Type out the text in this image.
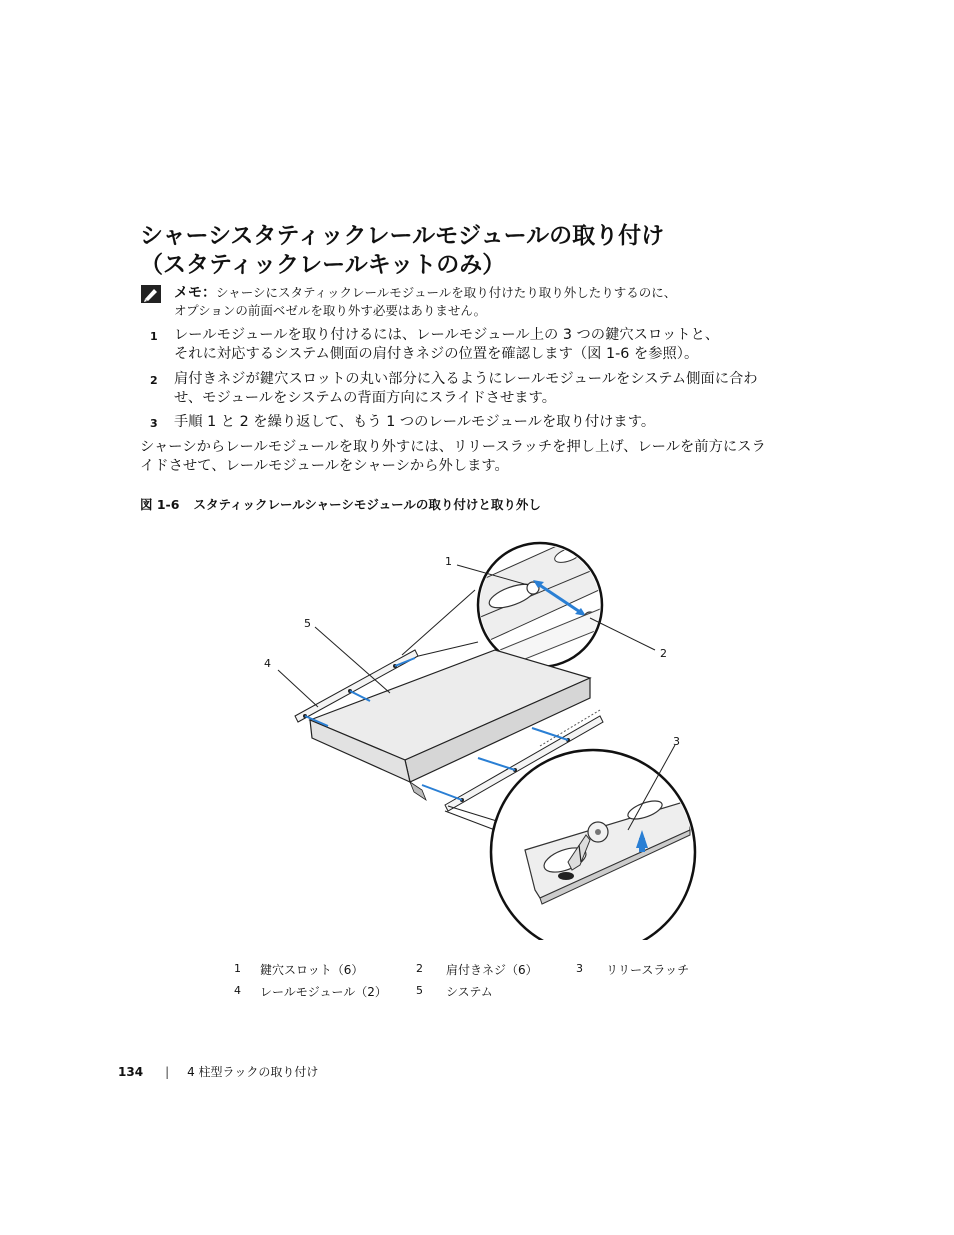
シャーシスタティックレールモジュールの取り付け
（スタティックレールキットのみ）
メモ：シャーシにスタティックレールモジュールを取り付けたり取り外したりするのに、
オプションの前面ベゼルを取り外す必要はありません。
1 レールモジュールを取り付けるには、レールモジュール上の 3 つの鍵穴スロットと、
それに対応するシステム側面の肩付きネジの位置を確認します（図 1-6 を参照）。
2 肩付きネジが鍵穴スロットの丸い部分に入るようにレールモジュールをシステム側面に合わ
せ、モジュールをシステムの背面方向にスライドさせます。
3 手順 1 と 2 を繰り返して、もう 1 つのレールモジュールを取り付けます。
シャーシからレールモジュールを取り外すには、リリースラッチを押し上げ、レールを前方にスラ
イドさせて、レールモジュールをシャーシから外します。
図 1-6 スタティックレールシャーシモジュールの取り付けと取り外し
1
2
3
4
5
1 鍵穴スロット（6）	2 肩付きネジ（6）	3 リリースラッチ
4 レールモジュール（2）	5 システム
134 | 4 柱型ラックの取り付け
